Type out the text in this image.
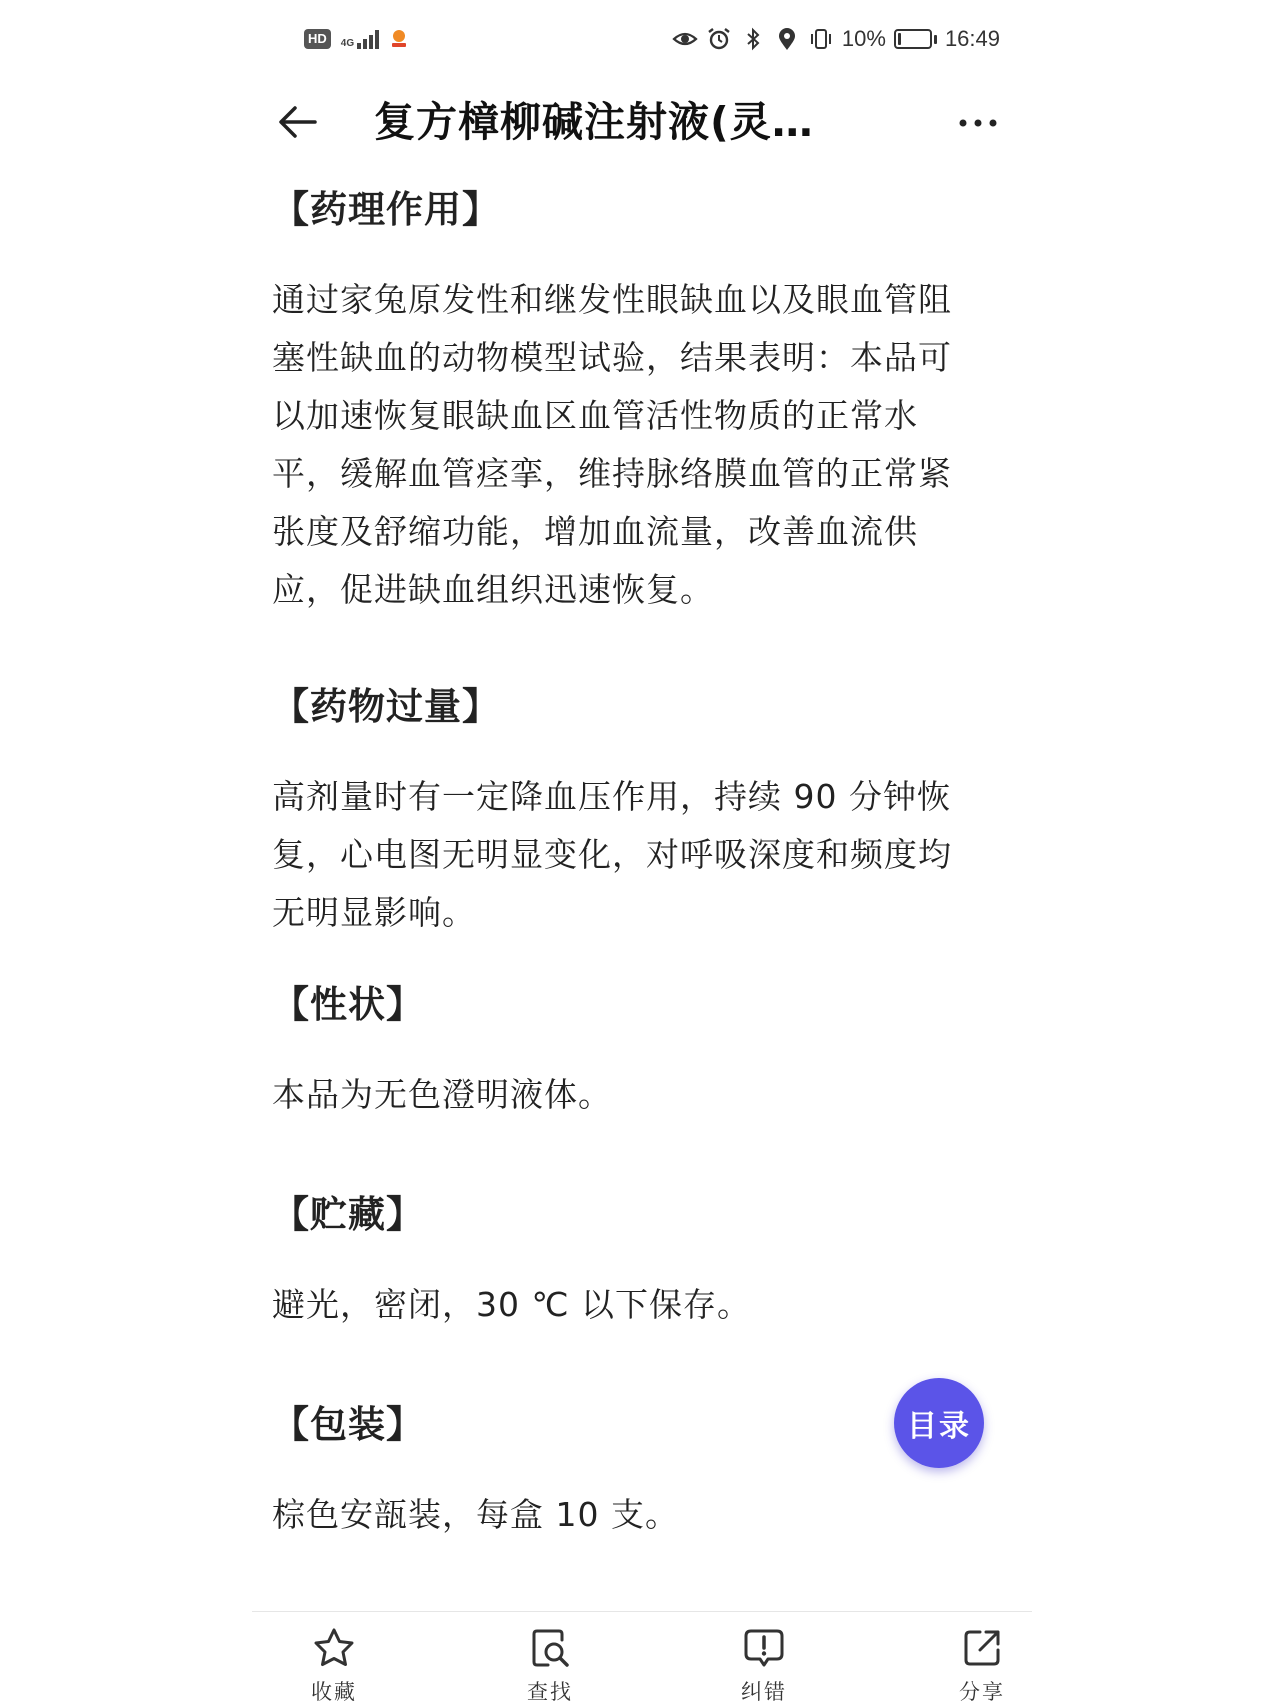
HD	4G	10%	16:49
复方樟柳碱注射液(灵…
【药理作用】
通过家兔原发性和继发性眼缺血以及眼血管阻
塞性缺血的动物模型试验，结果表明：本品可
以加速恢复眼缺血区血管活性物质的正常水
平，缓解血管痉挛，维持脉络膜血管的正常紧
张度及舒缩功能，增加血流量，改善血流供
应，促进缺血组织迅速恢复。
【药物过量】
高剂量时有一定降血压作用，持续 90 分钟恢
复，心电图无明显变化，对呼吸深度和频度均
无明显影响。
【性状】
本品为无色澄明液体。
【贮藏】
避光，密闭，30 ℃ 以下保存。
【包装】
棕色安瓿装，每盒 10 支。
目录
收藏	查找	纠错	分享
